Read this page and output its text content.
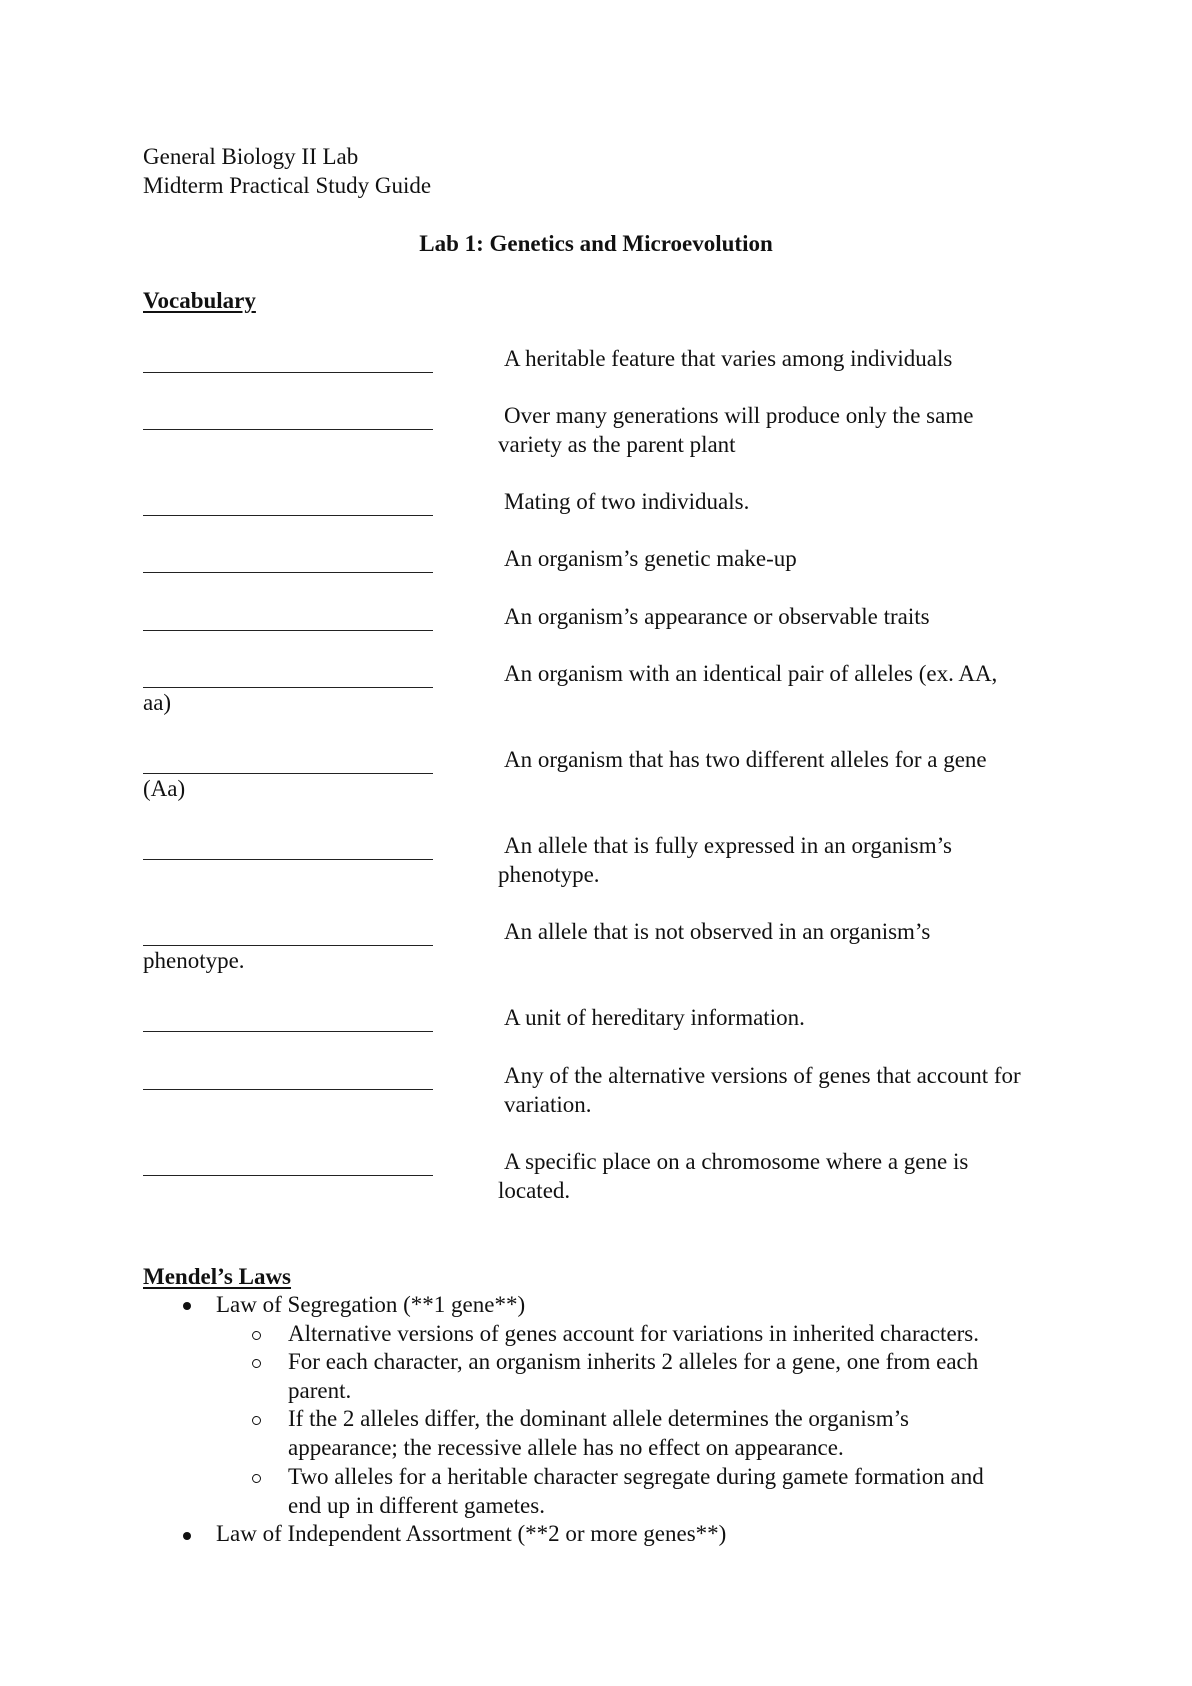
General Biology II Lab
Midterm Practical Study Guide
Lab 1: Genetics and Microevolution
Vocabulary
A heritable feature that varies among individuals
Over many generations will produce only the same
variety as the parent plant
Mating of two individuals.
An organism’s genetic make-up
An organism’s appearance or observable traits
An organism with an identical pair of alleles (ex. AA,
aa)
An organism that has two different alleles for a gene
(Aa)
An allele that is fully expressed in an organism’s
phenotype.
An allele that is not observed in an organism’s
phenotype.
A unit of hereditary information.
Any of the alternative versions of genes that account for
variation.
A specific place on a chromosome where a gene is
located.
Mendel’s Laws
Law of Segregation (**1 gene**)
Alternative versions of genes account for variations in inherited characters.
For each character, an organism inherits 2 alleles for a gene, one from each
parent.
If the 2 alleles differ, the dominant allele determines the organism’s
appearance; the recessive allele has no effect on appearance.
Two alleles for a heritable character segregate during gamete formation and
end up in different gametes.
Law of Independent Assortment (**2 or more genes**)
